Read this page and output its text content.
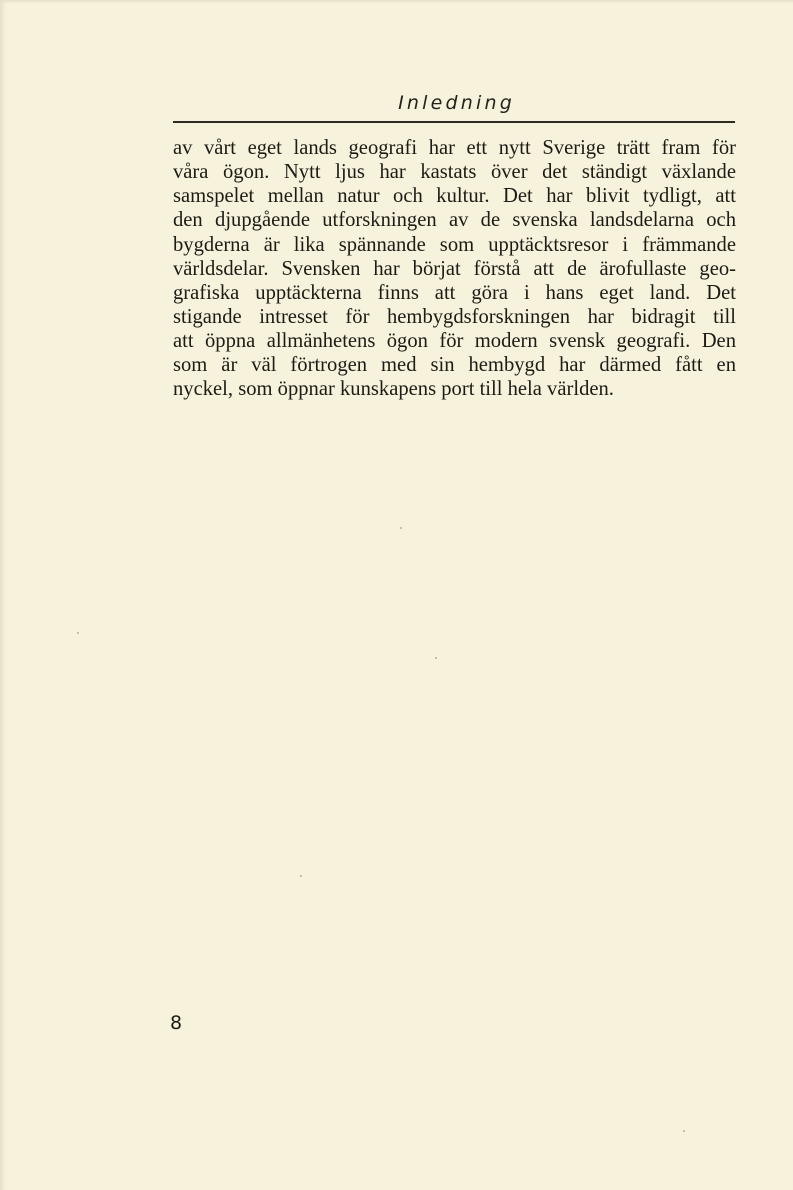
Inledning
av vårt eget lands geografi har ett nytt Sverige trätt fram för
våra ögon. Nytt ljus har kastats över det ständigt växlande
samspelet mellan natur och kultur. Det har blivit tydligt, att
den djupgående utforskningen av de svenska landsdelarna och
bygderna är lika spännande som upptäcktsresor i främmande
världsdelar. Svensken har börjat förstå att de ärofullaste geo-
grafiska upptäckterna finns att göra i hans eget land. Det
stigande intresset för hembygdsforskningen har bidragit till
att öppna allmänhetens ögon för modern svensk geografi. Den
som är väl förtrogen med sin hembygd har därmed fått en
nyckel, som öppnar kunskapens port till hela världen.
8
